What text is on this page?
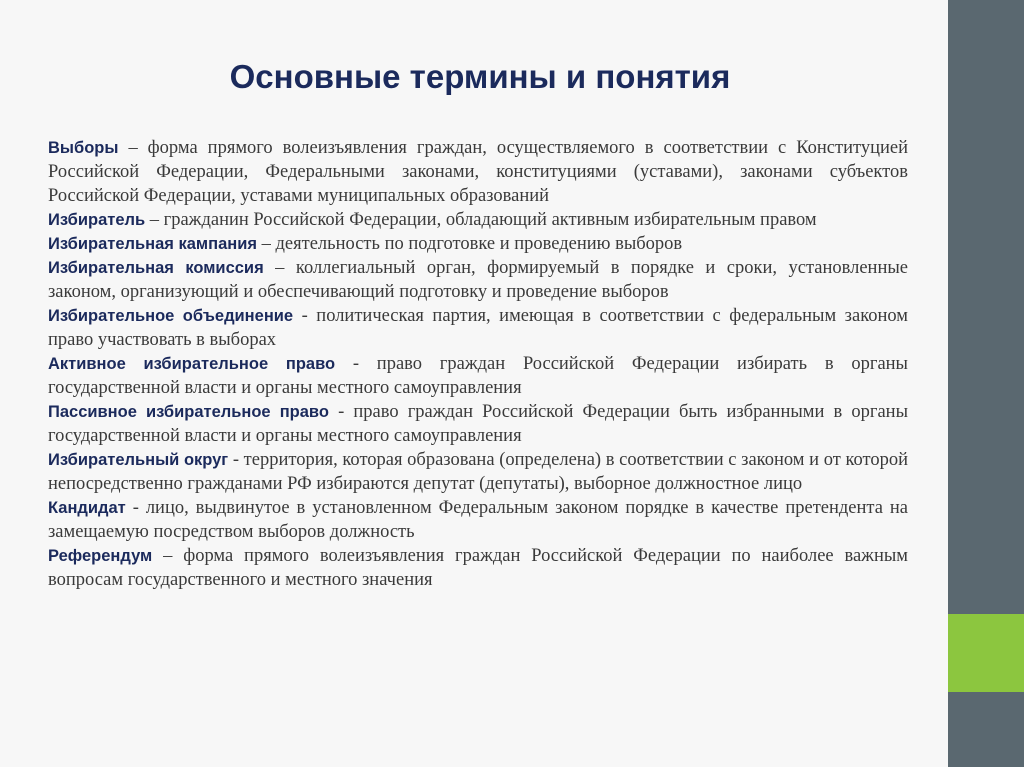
Основные термины и понятия
Выборы – форма прямого волеизъявления граждан, осуществляемого в соответствии с Конституцией Российской Федерации, Федеральными законами, конституциями (уставами), законами субъектов Российской Федерации, уставами муниципальных образований
Избиратель – гражданин Российской Федерации, обладающий активным избирательным правом
Избирательная кампания – деятельность по подготовке и проведению выборов
Избирательная комиссия – коллегиальный орган, формируемый в порядке и сроки, установленные законом, организующий и обеспечивающий подготовку и проведение выборов
Избирательное объединение - политическая партия, имеющая в соответствии с федеральным законом право участвовать в выборах
Активное избирательное право - право граждан Российской Федерации избирать в органы государственной власти и органы местного самоуправления
Пассивное избирательное право - право граждан Российской Федерации быть избранными в органы государственной власти и органы местного самоуправления
Избирательный округ - территория, которая образована (определена) в соответствии с законом и от которой непосредственно гражданами РФ избираются депутат (депутаты), выборное должностное лицо
Кандидат - лицо, выдвинутое в установленном Федеральным законом порядке в качестве претендента на замещаемую посредством выборов должность
Референдум – форма прямого волеизъявления граждан Российской Федерации по наиболее важным вопросам государственного и местного значения
